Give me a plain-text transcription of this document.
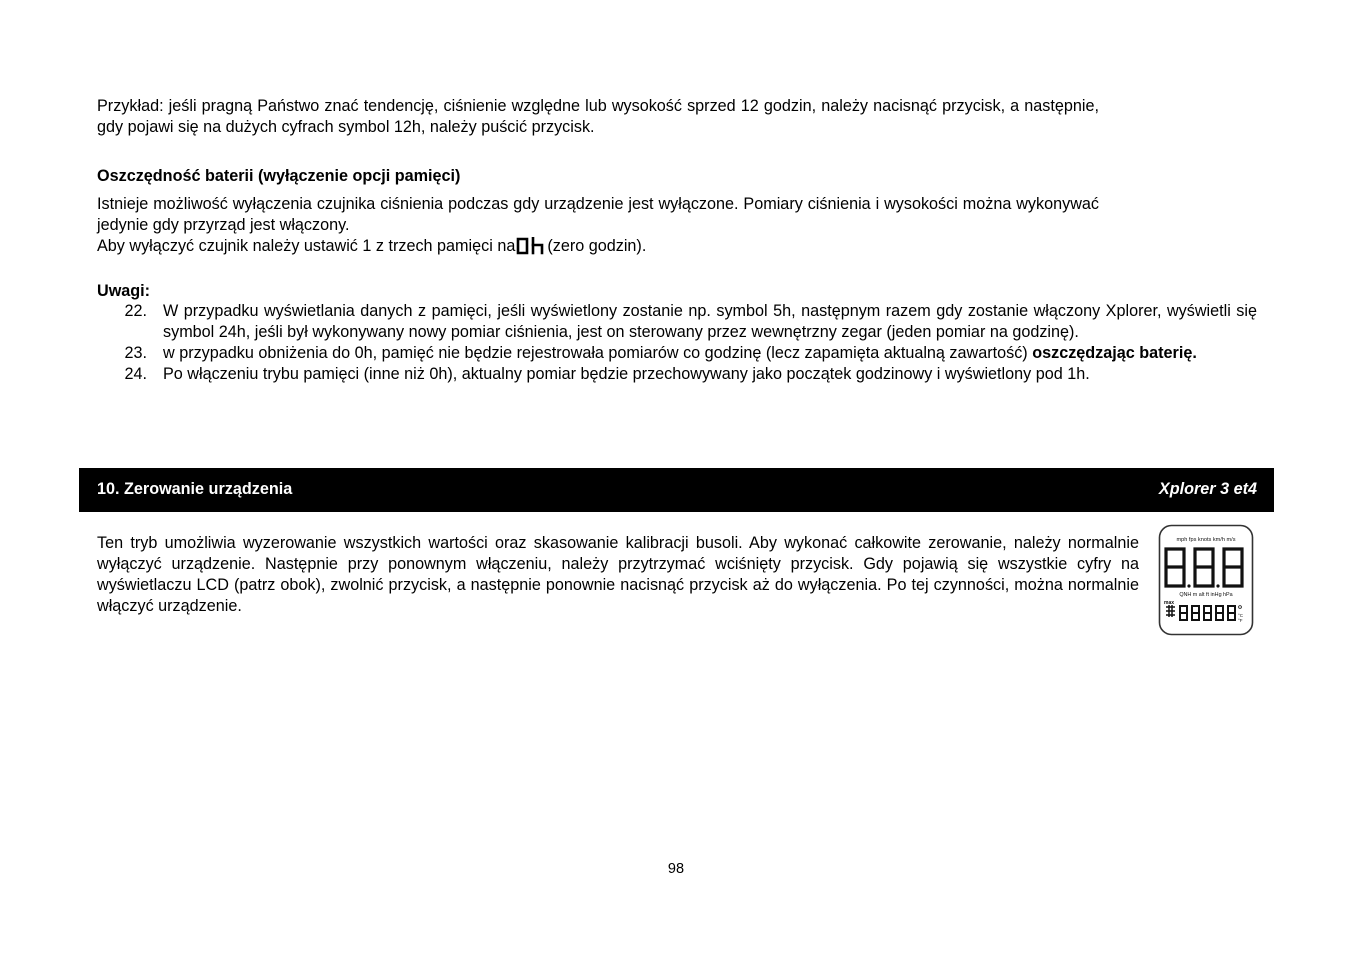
Przykład: jeśli pragną Państwo znać tendencję, ciśnienie względne lub wysokość sprzed 12 godzin, należy nacisnąć przycisk, a następnie, gdy pojawi się na dużych cyfrach symbol 12h, należy puścić przycisk.

Oszczędność baterii (wyłączenie opcji pamięci)

Istnieje możliwość wyłączenia czujnika ciśnienia podczas gdy urządzenie jest wyłączone. Pomiary ciśnienia i wysokości można wykonywać jedynie gdy przyrząd jest włączony.

Aby wyłączyć czujnik należy ustawić 1 z trzech pamięci na (zero godzin).

Uwagi:
22. W przypadku wyświetlania danych z pamięci, jeśli wyświetlony zostanie np. symbol 5h, następnym razem gdy zostanie włączony Xplorer, wyświetli się symbol 24h, jeśli był wykonywany nowy pomiar ciśnienia, jest on sterowany przez wewnętrzny zegar (jeden pomiar na godzinę).
23. w przypadku obniżenia do 0h, pamięć nie będzie rejestrowała pomiarów co godzinę (lecz zapamięta aktualną zawartość) oszczędzając baterię.
24. Po włączeniu trybu pamięci (inne niż 0h), aktualny pomiar będzie przechowywany jako początek godzinowy i wyświetlony pod 1h.
10. Zerowanie urządzenia	Xplorer 3 et4

Ten tryb umożliwia wyzerowanie wszystkich wartości oraz skasowanie kalibracji busoli. Aby wykonać całkowite zerowanie, należy normalnie wyłączyć urządzenie. Następnie przy ponownym włączeniu, należy przytrzymać wciśnięty przycisk. Gdy pojawią się wszystkie cyfry na wyświetlaczu LCD (patrz obok), zwolnić przycisk, a następnie ponownie nacisnąć przycisk aż do wyłączenia. Po tej czynności, można normalnie włączyć urządzenie.

mph fps knots km/h m/s
QNH m alt ft inHg hPa
max
°C
°F
98
